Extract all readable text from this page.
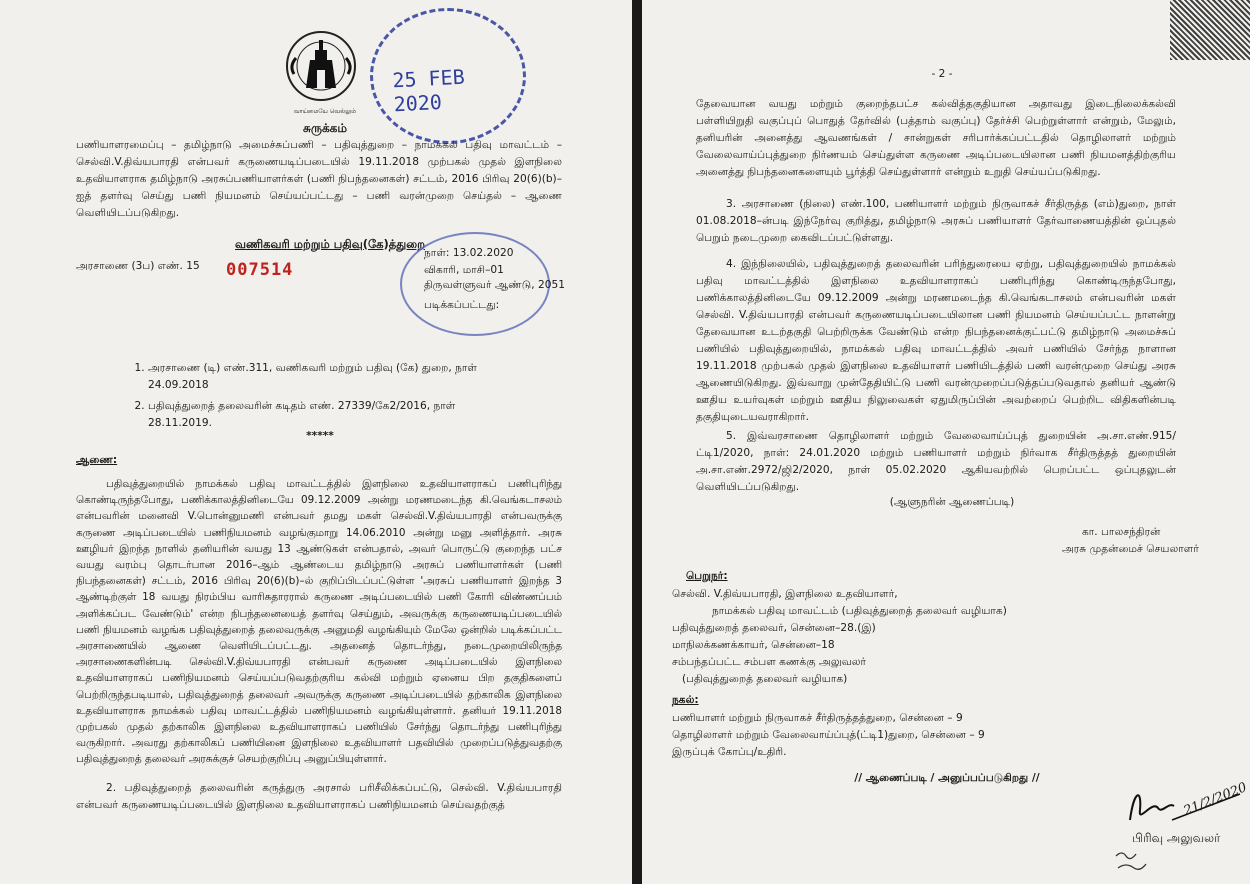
வாய்மையே வெல்லும்
25 FEB 2020
சுருக்கம்
பணியாளரமைப்பு – தமிழ்நாடு அமைச்சுப்பணி – பதிவுத்துறை – நாமக்கல் பதிவு மாவட்டம் – செல்வி.V.திவ்யபாரதி என்பவர் கருணையடிப்படையில் 19.11.2018 முற்பகல் முதல் இளநிலை உதவியாளராக தமிழ்நாடு அரசுப்பணியாளர்கள் (பணி நிபந்தனைகள்) சட்டம், 2016 பிரிவு 20(6)(b)–ஐத் தளர்வு செய்து பணி நியமனம் செய்யப்பட்டது – பணி வரன்முறை செய்தல் – ஆணை வெளியிடப்படுகிறது.
வணிகவரி மற்றும் பதிவு(கே)த்துறை
அரசாணை (3ப) எண். 15 007514
நாள்: 13.02.2020
விகாரி, மாசி–01
திருவள்ளுவர் ஆண்டு, 2051
படிக்கப்பட்டது:
1. அரசாணை (டி) எண்.311, வணிகவரி மற்றும் பதிவு (கே) துறை, நாள் 24.09.2018
2. பதிவுத்துறைத் தலைவரின் கடிதம் எண். 27339/கே2/2016, நாள் 28.11.2019.
*****
ஆணை:
பதிவுத்துறையில் நாமக்கல் பதிவு மாவட்டத்தில் இளநிலை உதவியாளராகப் பணிபுரிந்து கொண்டிருந்தபோது, பணிக்காலத்தினிடையே 09.12.2009 அன்று மரணமடைந்த கி.வெங்கடாசலம் என்பவரின் மனைவி V.பொன்னுமணி என்பவர் தமது மகள் செல்வி.V.திவ்யபாரதி என்பவருக்கு கருணை அடிப்படையில் பணிநியமனம் வழங்குமாறு 14.06.2010 அன்று மனு அளித்தார். அரசு ஊழியர் இறந்த நாளில் தனியரின் வயது 13 ஆண்டுகள் என்பதால், அவர் பொருட்டு குறைந்த பட்ச வயது வரம்பு தொடர்பான 2016–ஆம் ஆண்டைய தமிழ்நாடு அரசுப் பணியாளர்கள் (பணி நிபந்தனைகள்) சட்டம், 2016 பிரிவு 20(6)(b)–ல் குறிப்பிடப்பட்டுள்ள 'அரசுப் பணியாளர் இறந்த 3 ஆண்டிற்குள் 18 வயது நிரம்பிய வாரிசுதாரரால் கருணை அடிப்படையில் பணி கோரி விண்ணப்பம் அளிக்கப்பட வேண்டும்' என்ற நிபந்தனையைத் தளர்வு செய்தும், அவருக்கு கருணையடிப்படையில் பணி நியமனம் வழங்க பதிவுத்துறைத் தலைவருக்கு அனுமதி வழங்கியும் மேலே ஒன்றில் படிக்கப்பட்ட அரசாணையில் ஆணை வெளியிடப்பட்டது. அதனைத் தொடர்ந்து, நடைமுறையிலிருந்த அரசாணைகளின்படி செல்வி.V.திவ்யபாரதி என்பவர் கருணை அடிப்படையில் இளநிலை உதவியாளராகப் பணிநியமனம் செய்யப்படுவதற்குரிய கல்வி மற்றும் ஏனைய பிற தகுதிகளைப் பெற்றிருந்தபடியால், பதிவுத்துறைத் தலைவர் அவருக்கு கருணை அடிப்படையில் தற்காலிக இளநிலை உதவியாளராக நாமக்கல் பதிவு மாவட்டத்தில் பணிநியமனம் வழங்கியுள்ளார். தனியர் 19.11.2018 முற்பகல் முதல் தற்காலிக இளநிலை உதவியாளராகப் பணியில் சேர்ந்து தொடர்ந்து பணிபுரிந்து வருகிறார். அவரது தற்காலிகப் பணியினை இளநிலை உதவியாளர் பதவியில் முறைப்படுத்துவதற்கு பதிவுத்துறைத் தலைவர் அரசுக்குச் செயற்குறிப்பு அனுப்பியுள்ளார்.
2. பதிவுத்துறைத் தலைவரின் கருத்துரு அரசால் பரிசீலிக்கப்பட்டு, செல்வி. V.திவ்யபாரதி என்பவர் கருணையடிப்படையில் இளநிலை உதவியாளராகப் பணிநியமனம் செய்வதற்குத்
- 2 -
தேவையான வயது மற்றும் குறைந்தபட்ச கல்வித்தகுதியான அதாவது இடைநிலைக்கல்வி பள்ளியிறுதி வகுப்புப் பொதுத் தேர்வில் (பத்தாம் வகுப்பு) தேர்ச்சி பெற்றுள்ளார் என்றும், மேலும், தனியரின் அனைத்து ஆவணங்கள் / சான்றுகள் சரிபார்க்கப்பட்டதில் தொழிலாளர் மற்றும் வேலைவாய்ப்புத்துறை நிர்ணயம் செய்துள்ள கருணை அடிப்படையிலான பணி நியமனத்திற்குரிய அனைத்து நிபந்தனைகளையும் பூர்த்தி செய்துள்ளார் என்றும் உறுதி செய்யப்படுகிறது.
3. அரசாணை (நிலை) எண்.100, பணியாளர் மற்றும் நிருவாகச் சீர்திருத்த (எம்)துறை, நாள் 01.08.2018–ன்படி இந்நேர்வு குறித்து, தமிழ்நாடு அரசுப் பணியாளர் தேர்வாணையத்தின் ஒப்புதல் பெறும் நடைமுறை கைவிடப்பட்டுள்ளது.
4. இந்நிலையில், பதிவுத்துறைத் தலைவரின் பரிந்துரையை ஏற்று, பதிவுத்துறையில் நாமக்கல் பதிவு மாவட்டத்தில் இளநிலை உதவியாளராகப் பணிபுரிந்து கொண்டிருந்தபோது, பணிக்காலத்தினிடையே 09.12.2009 அன்று மரணமடைந்த கி.வெங்கடாசலம் என்பவரின் மகள் செல்வி. V.திவ்யபாரதி என்பவர் கருணையடிப்படையிலான பணி நியமனம் செய்யப்பட்ட நாளன்று தேவையான உடற்தகுதி பெற்றிருக்க வேண்டும் என்ற நிபந்தனைக்குட்பட்டு தமிழ்நாடு அமைச்சுப் பணியில் பதிவுத்துறையில், நாமக்கல் பதிவு மாவட்டத்தில் அவர் பணியில் சேர்ந்த நாளான 19.11.2018 முற்பகல் முதல் இளநிலை உதவியாளர் பணியிடத்தில் பணி வரன்முறை செய்து அரசு ஆணையிடுகிறது. இவ்வாறு முன்தேதியிட்டு பணி வரன்முறைப்படுத்தப்படுவதால் தனியர் ஆண்டு ஊதிய உயர்வுகள் மற்றும் ஊதிய நிலுவைகள் ஏதுமிருப்பின் அவற்றைப் பெற்றிட விதிகளின்படி தகுதியுடையவராகிறார்.
5. இவ்வரசாணை தொழிலாளர் மற்றும் வேலைவாய்ப்புத் துறையின் அ.சா.எண்.915/ட்டி1/2020, நாள்: 24.01.2020 மற்றும் பணியாளர் மற்றும் நிர்வாக சீர்திருத்தத் துறையின் அ.சா.எண்.2972/ஜி2/2020, நாள் 05.02.2020 ஆகியவற்றில் பெறப்பட்ட ஒப்புதலுடன் வெளியிடப்படுகிறது.
(ஆளுநரின் ஆணைப்படி)
கா. பாலசந்திரன்
அரசு முதன்மைச் செயலாளர்
பெறுநர்:
செல்வி. V.திவ்யபாரதி, இளநிலை உதவியாளர்,
நாமக்கல் பதிவு மாவட்டம் (பதிவுத்துறைத் தலைவர் வழியாக)
பதிவுத்துறைத் தலைவர், சென்னை–28.(இ)
மாநிலக்கணக்காயர், சென்னை–18
சம்பந்தப்பட்ட சம்பள கணக்கு அலுவலர்
(பதிவுத்துறைத் தலைவர் வழியாக)
நகல்:
பணியாளர் மற்றும் நிருவாகச் சீர்திருத்தத்துறை, சென்னை – 9
தொழிலாளர் மற்றும் வேலைவாய்ப்புத்(ட்டி1)துறை, சென்னை – 9
இருப்புக் கோப்பு/உதிரி.
// ஆணைப்படி / அனுப்பப்படுகிறது //
21/2/2020
பிரிவு அலுவலர்
